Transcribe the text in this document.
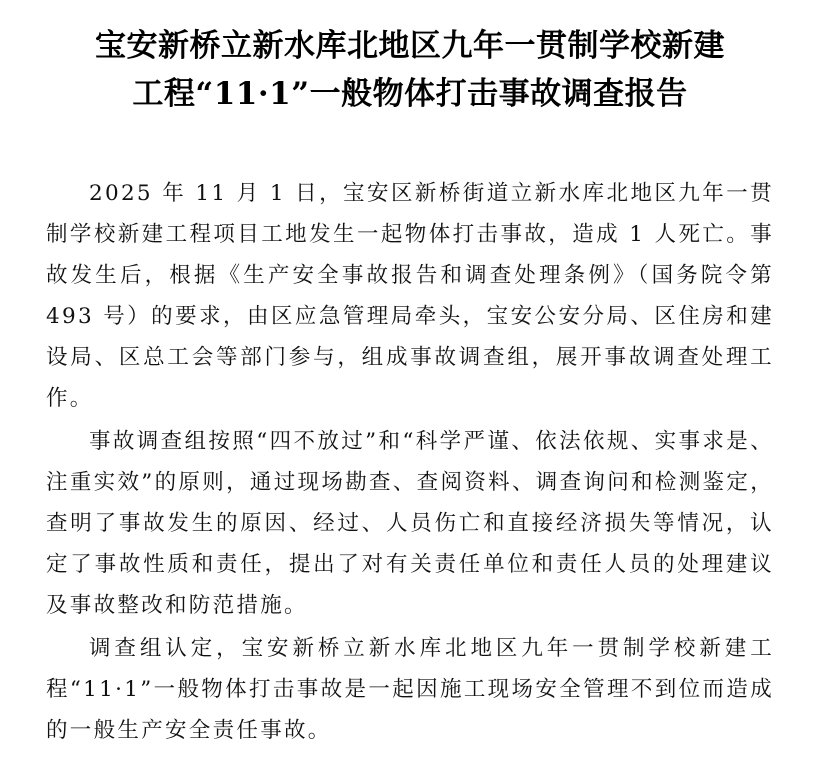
宝安新桥立新水库北地区九年一贯制学校新建
工程“11·1”一般物体打击事故调查报告

2025 年 11 月 1 日，宝安区新桥街道立新水库北地区九年一贯制学校新建工程项目工地发生一起物体打击事故，造成 1 人死亡。事故发生后，根据《生产安全事故报告和调查处理条例》（国务院令第 493 号）的要求，由区应急管理局牵头，宝安公安分局、区住房和建设局、区总工会等部门参与，组成事故调查组，展开事故调查处理工作。

事故调查组按照“四不放过”和“科学严谨、依法依规、实事求是、注重实效”的原则，通过现场勘查、查阅资料、调查询问和检测鉴定，查明了事故发生的原因、经过、人员伤亡和直接经济损失等情况，认定了事故性质和责任，提出了对有关责任单位和责任人员的处理建议及事故整改和防范措施。

调查组认定，宝安新桥立新水库北地区九年一贯制学校新建工程“11·1”一般物体打击事故是一起因施工现场安全管理不到位而造成的一般生产安全责任事故。
